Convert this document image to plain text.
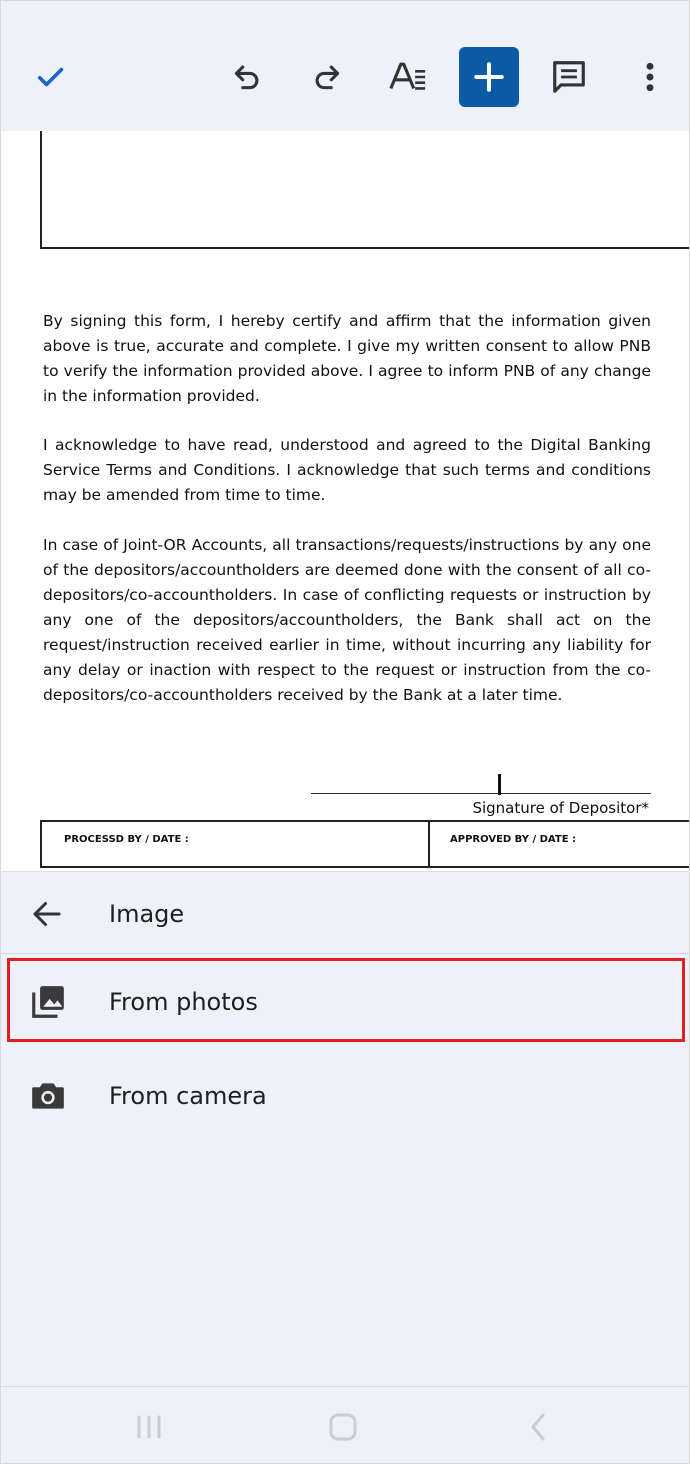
By signing this form, I hereby certify and affirm that the information given above is true, accurate and complete. I give my written consent to allow PNB to verify the information provided above. I agree to inform PNB of any change in the information provided.

I acknowledge to have read, understood and agreed to the Digital Banking Service Terms and Conditions. I acknowledge that such terms and conditions may be amended from time to time.

In case of Joint-OR Accounts, all transactions/requests/instructions by any one of the depositors/accountholders are deemed done with the consent of all co-depositors/co-accountholders. In case of conflicting requests or instruction by any one of the depositors/accountholders, the Bank shall act on the request/instruction received earlier in time, without incurring any liability for any delay or inaction with respect to the request or instruction from the co-depositors/co-accountholders received by the Bank at a later time.

Signature of Depositor*
PROCESSD BY / DATE :	APPROVED BY / DATE :
Image
From photos
From camera
